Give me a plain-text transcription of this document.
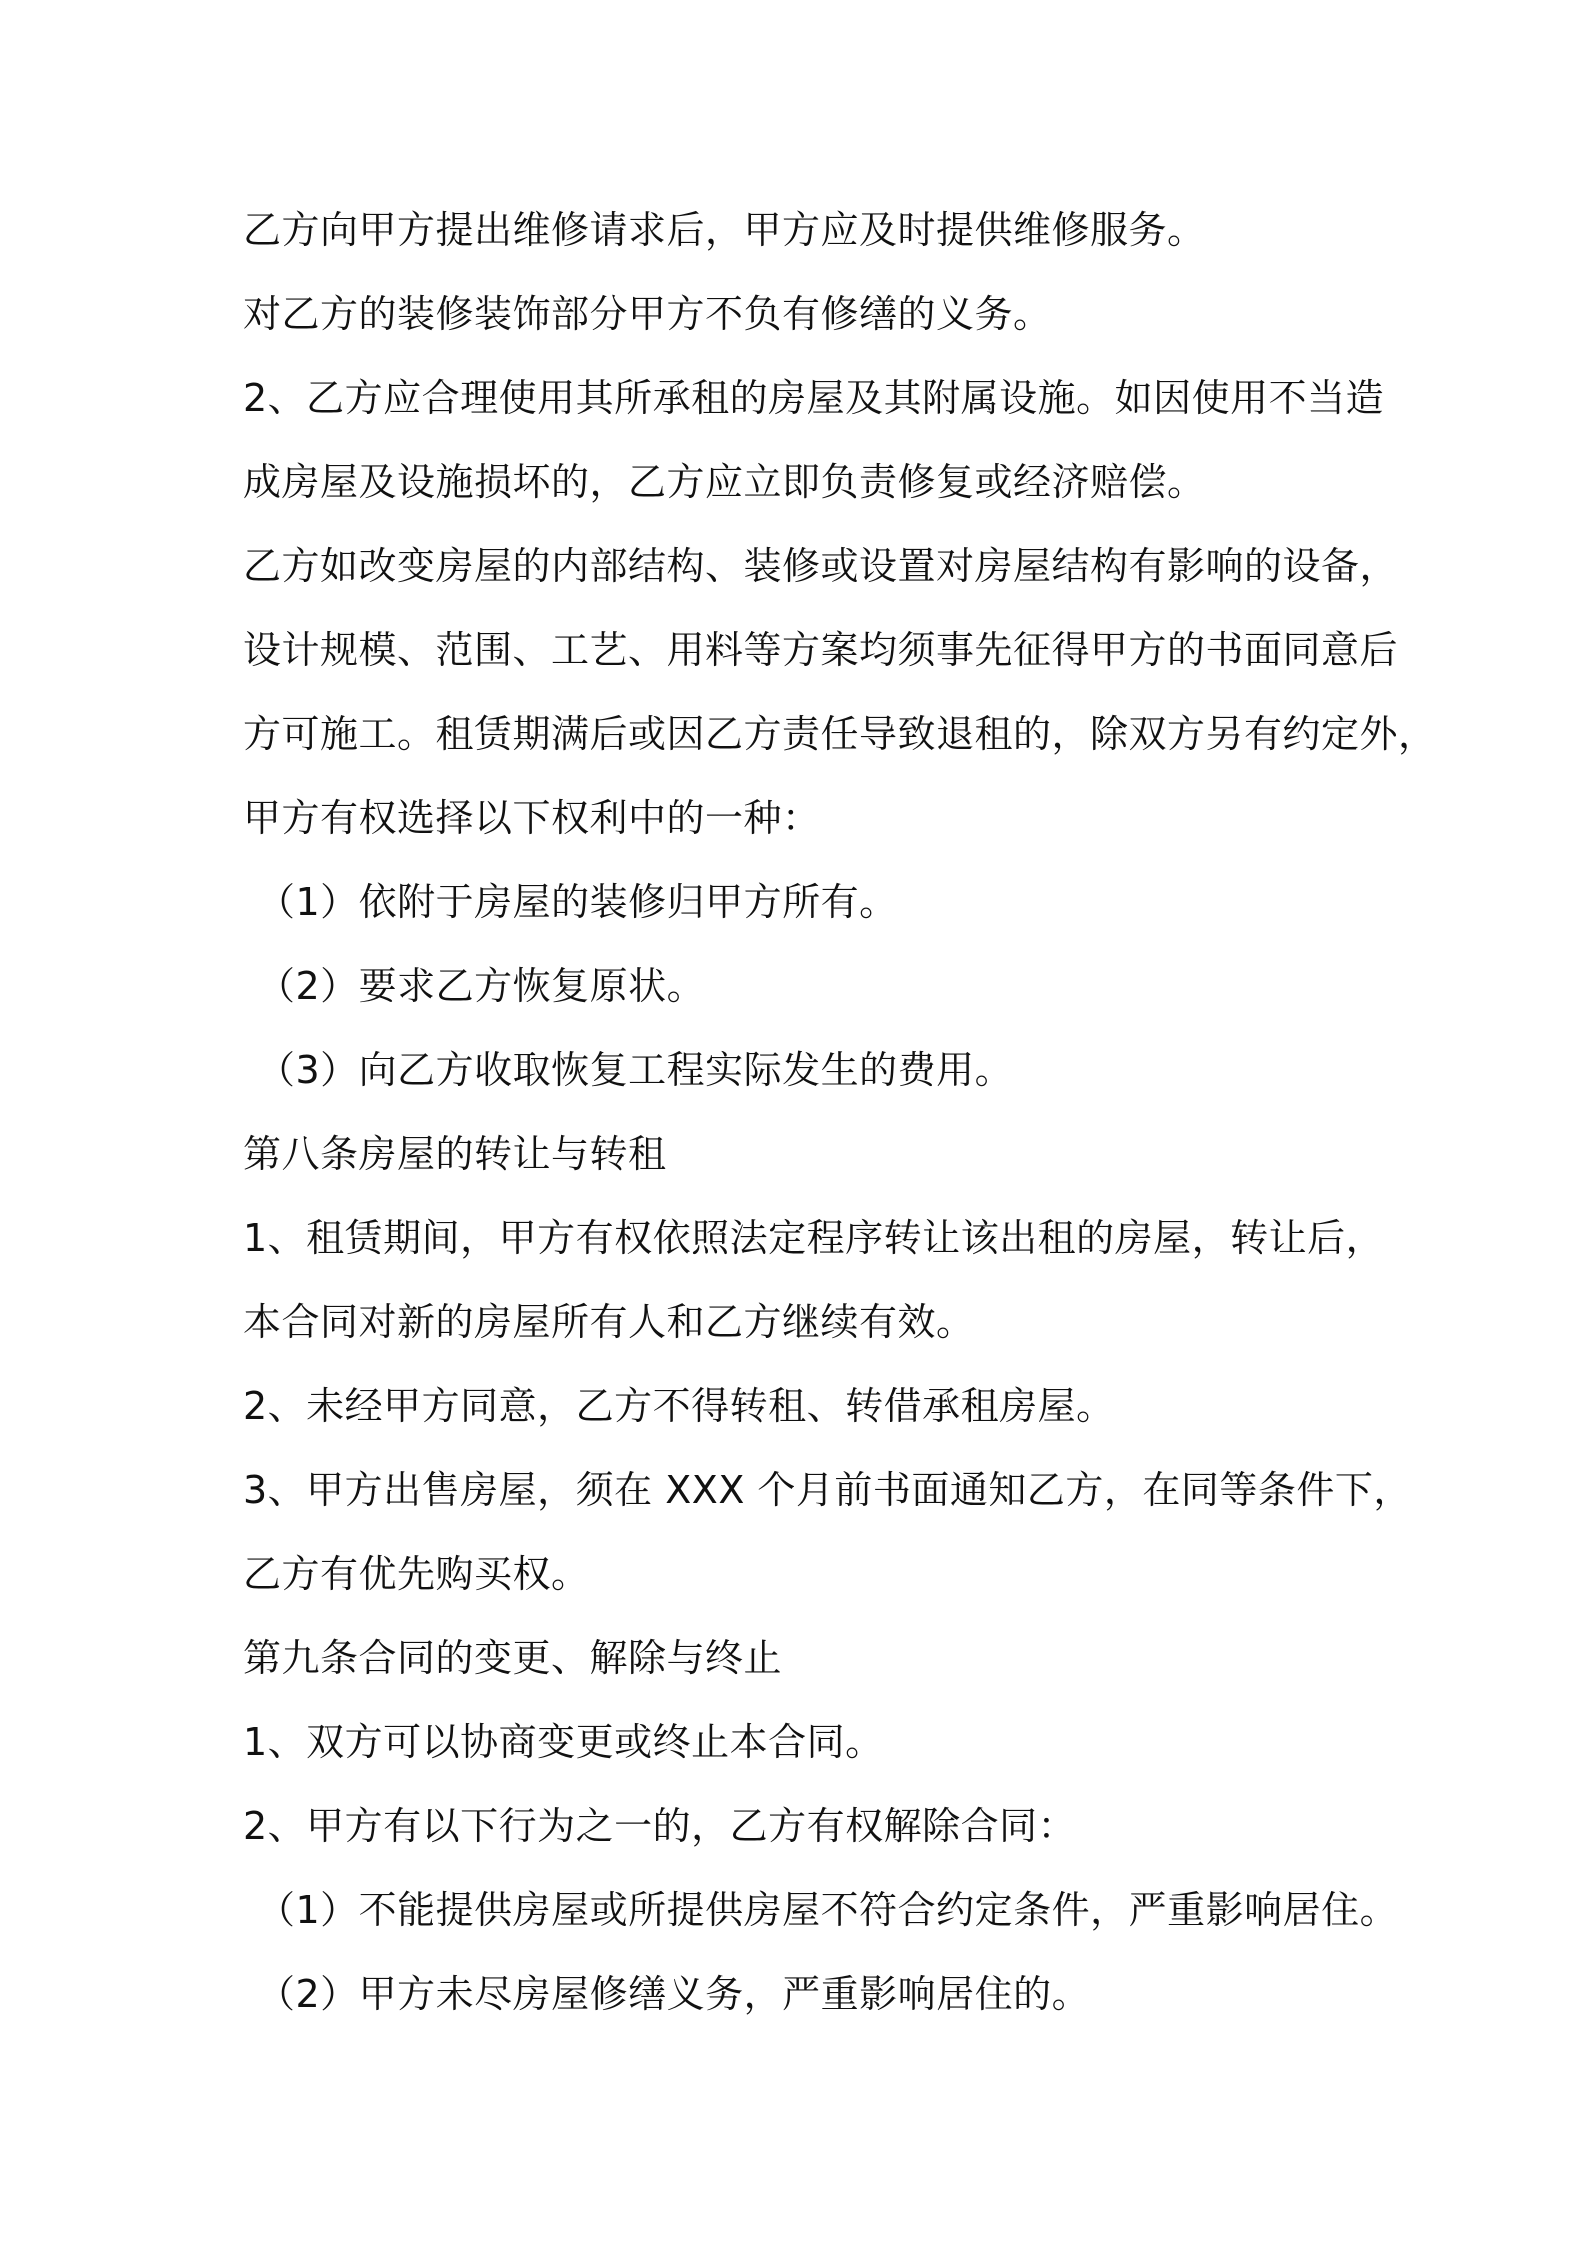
乙方向甲方提出维修请求后，甲方应及时提供维修服务。
对乙方的装修装饰部分甲方不负有修缮的义务。
2、乙方应合理使用其所承租的房屋及其附属设施。如因使用不当造
成房屋及设施损坏的，乙方应立即负责修复或经济赔偿。
乙方如改变房屋的内部结构、装修或设置对房屋结构有影响的设备，
设计规模、范围、工艺、用料等方案均须事先征得甲方的书面同意后
方可施工。租赁期满后或因乙方责任导致退租的，除双方另有约定外，
甲方有权选择以下权利中的一种：
（1）依附于房屋的装修归甲方所有。
（2）要求乙方恢复原状。
（3）向乙方收取恢复工程实际发生的费用。
第八条房屋的转让与转租
1、租赁期间，甲方有权依照法定程序转让该出租的房屋，转让后，
本合同对新的房屋所有人和乙方继续有效。
2、未经甲方同意，乙方不得转租、转借承租房屋。
3、甲方出售房屋，须在 XXX 个月前书面通知乙方，在同等条件下，
乙方有优先购买权。
第九条合同的变更、解除与终止
1、双方可以协商变更或终止本合同。
2、甲方有以下行为之一的，乙方有权解除合同：
（1）不能提供房屋或所提供房屋不符合约定条件，严重影响居住。
（2）甲方未尽房屋修缮义务，严重影响居住的。
